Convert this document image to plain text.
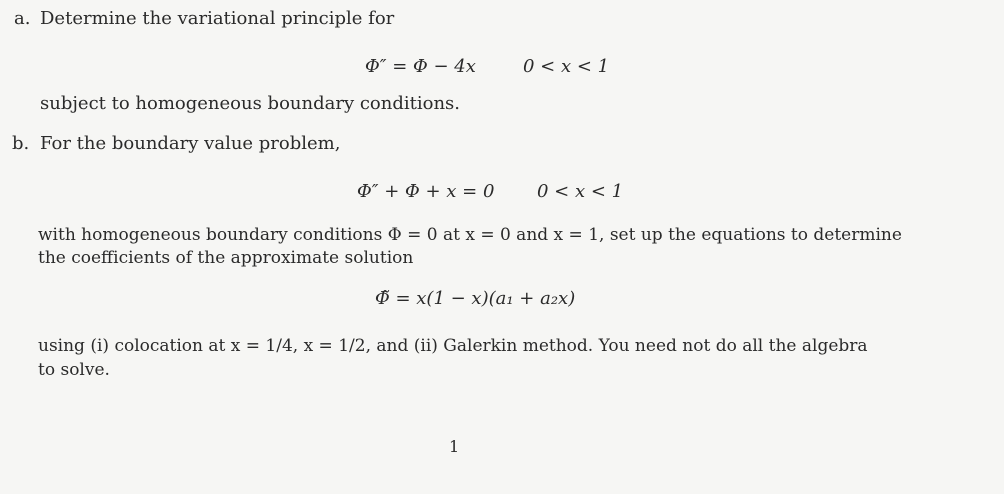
a. Determine the variational principle for
Φ″ = Φ − 4x	0 < x < 1
subject to homogeneous boundary conditions.
b. For the boundary value problem,
Φ″ + Φ + x = 0 0 < x < 1
with homogeneous boundary conditions Φ = 0 at x = 0 and x = 1, set up the equations to determine
the coefficients of the approximate solution
Φ̃ = x(1 − x)(a₁ + a₂x)
using (i) colocation at x = 1/4, x = 1/2, and (ii) Galerkin method. You need not do all the algebra
to solve.
1
